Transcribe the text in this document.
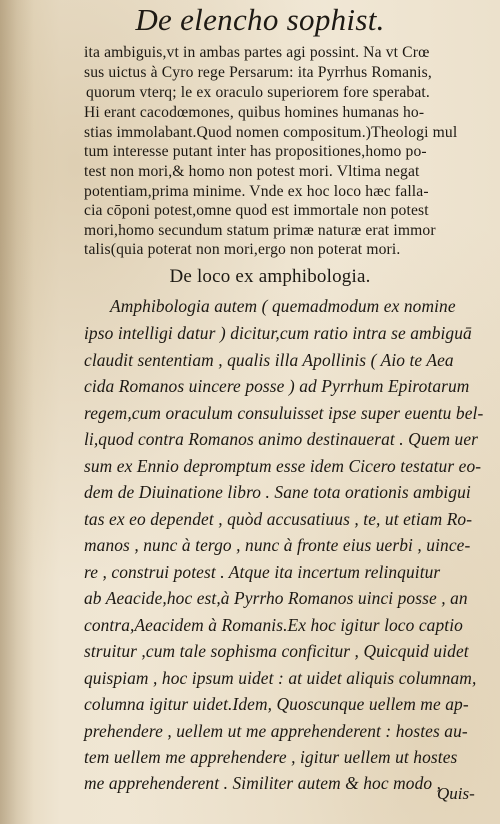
De elencho sophist.
ita ambiguis,vt in ambas partes agi possint. Na vt Crœ
sus uictus à Cyro rege Persarum: ita Pyrrhus Romanis,
quorum vterq; le ex oraculo superiorem fore sperabat.
Hi erant cacodœmones, quibus homines humanas ho-
stias immolabant.Quod nomen compositum.)Theologi mul
tum interesse putant inter has propositiones,homo po-
test non mori,& homo non potest mori. Vltima negat
potentiam,prima minime. Vnde ex hoc loco hæc falla-
cia cōponi potest,omne quod est immortale non potest
mori,homo secundum statum primæ naturæ erat immor
talis(quia poterat non mori,ergo non poterat mori.
De loco ex amphibologia.
Amphibologia autem ( quemadmodum ex nomine
ipso intelligi datur ) dicitur,cum ratio intra se ambiguā
claudit sententiam , qualis illa Apollinis ( Aio te Aea
cida Romanos uincere posse ) ad Pyrrhum Epirotarum
regem,cum oraculum consuluisset ipse super euentu bel-
li,quod contra Romanos animo destinauerat . Quem uer
sum ex Ennio depromptum esse idem Cicero testatur eo-
dem de Diuinatione libro . Sane tota orationis ambigui
tas ex eo dependet , quòd accusatiuus , te, ut etiam Ro-
manos , nunc à tergo , nunc à fronte eius uerbi , uince-
re , construi potest . Atque ita incertum relinquitur
ab Aeacide,hoc est,à Pyrrho Romanos uinci posse , an
contra,Aeacidem à Romanis.Ex hoc igitur loco captio
struitur ,cum tale sophisma conficitur , Quicquid uidet
quispiam , hoc ipsum uidet : at uidet aliquis columnam,
columna igitur uidet.Idem, Quoscunque uellem me ap-
prehendere , uellem ut me apprehenderent : hostes au-
tem uellem me apprehendere , igitur uellem ut hostes
me apprehenderent . Similiter autem & hoc modo ,
Quis-
